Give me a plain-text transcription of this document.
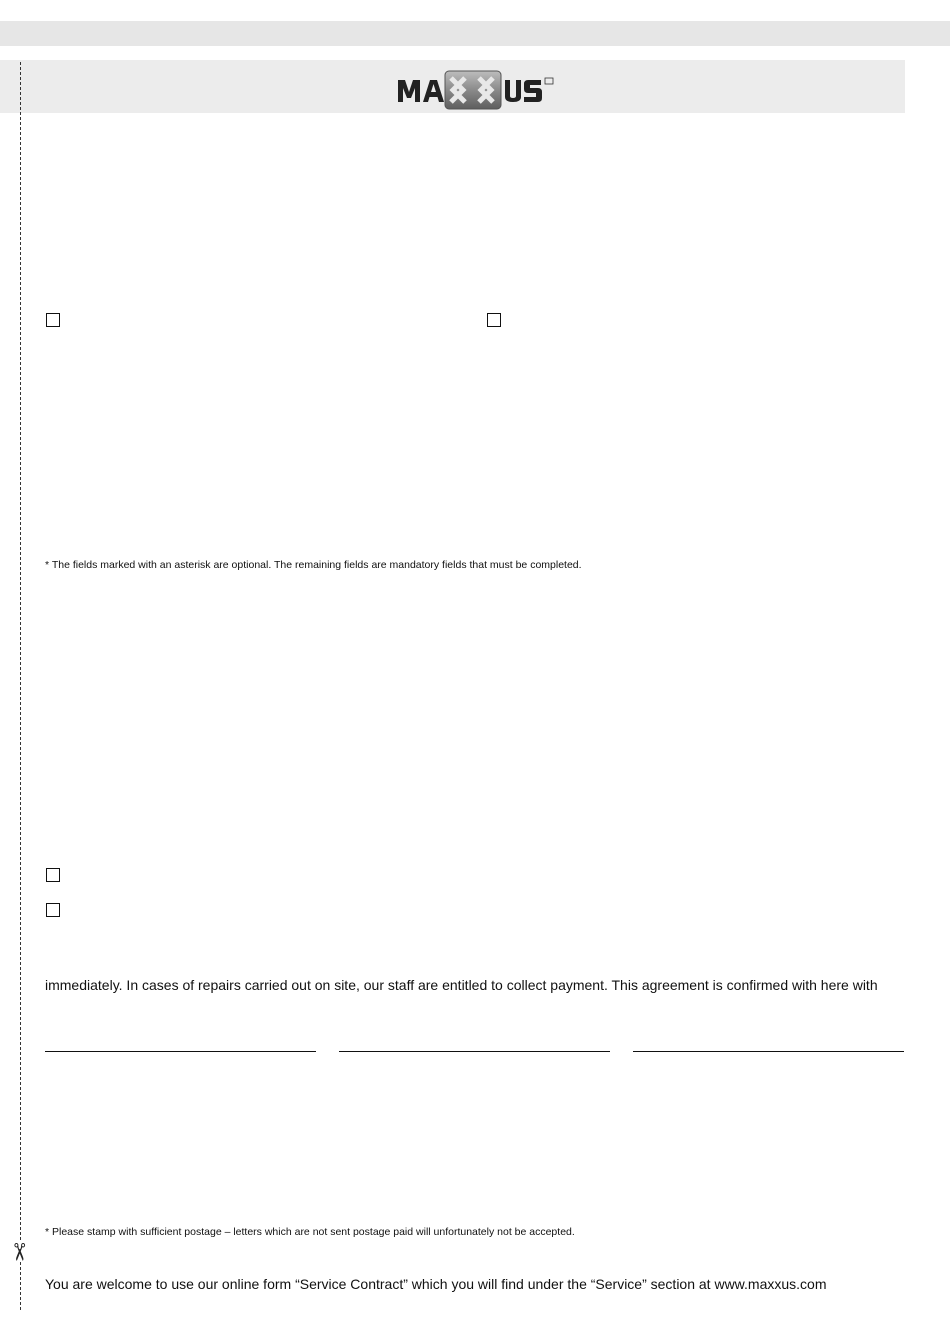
✂
* The fields marked with an asterisk are optional. The remaining fields are mandatory fields that must be completed.
immediately. In cases of repairs carried out on site, our staff are entitled to collect payment. This agreement is confirmed with here with
* Please stamp with sufficient postage – letters which are not sent postage paid will unfortunately not be accepted.
You are welcome to use our online form “Service Contract” which you will find under the “Service” section at www.maxxus.com
